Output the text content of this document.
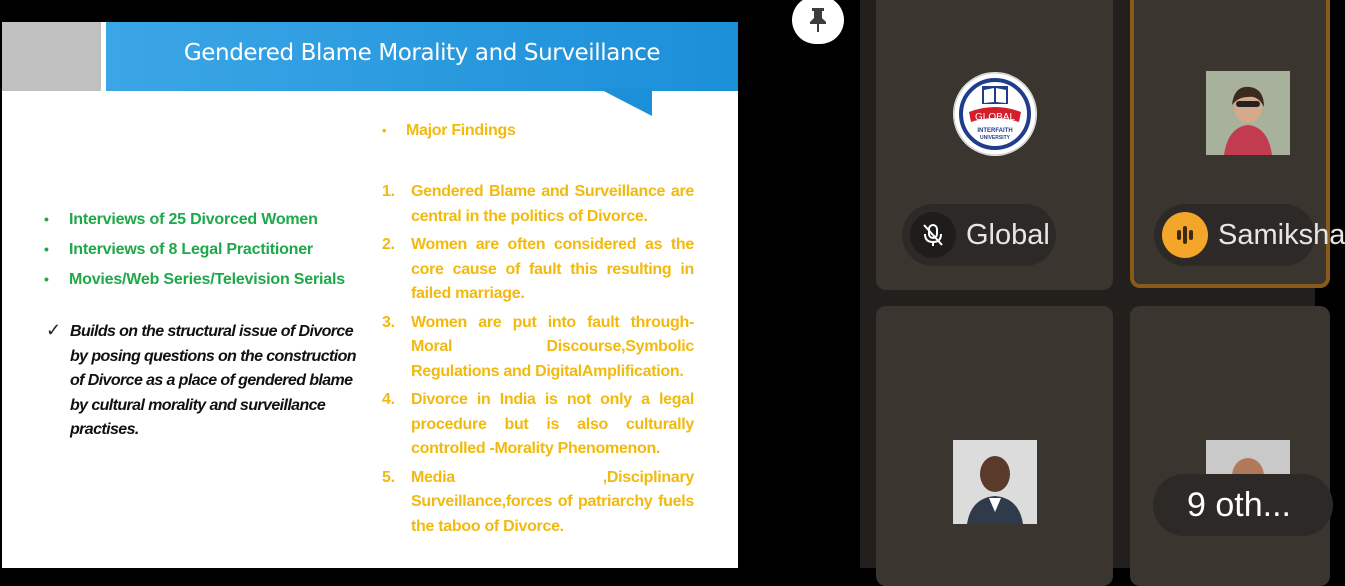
Gendered Blame Morality and Surveillance
• Interviews of 25 Divorced Women
• Interviews of 8 Legal Practitioner
• Movies/Web Series/Television Serials
✓ Builds on the structural issue of Divorce by posing questions on the construction of Divorce as a place of gendered blame by cultural morality and surveillance practises.
• Major Findings
1. Gendered Blame and Surveillance are central in the politics of Divorce.
2. Women are often considered as the core cause of fault this resulting in failed marriage.
3. Women are put into fault through-Moral Discourse,Symbolic Regulations and DigitalAmplification.
4. Divorce in India is not only a legal procedure but is also culturally controlled -Morality Phenomenon.
5. Media ,Disciplinary Surveillance,forces of patriarchy fuels the taboo of Divorce.
GLOBAL
INTERFAITH
UNIVERSITY
Global	Samiksha
9 oth...
